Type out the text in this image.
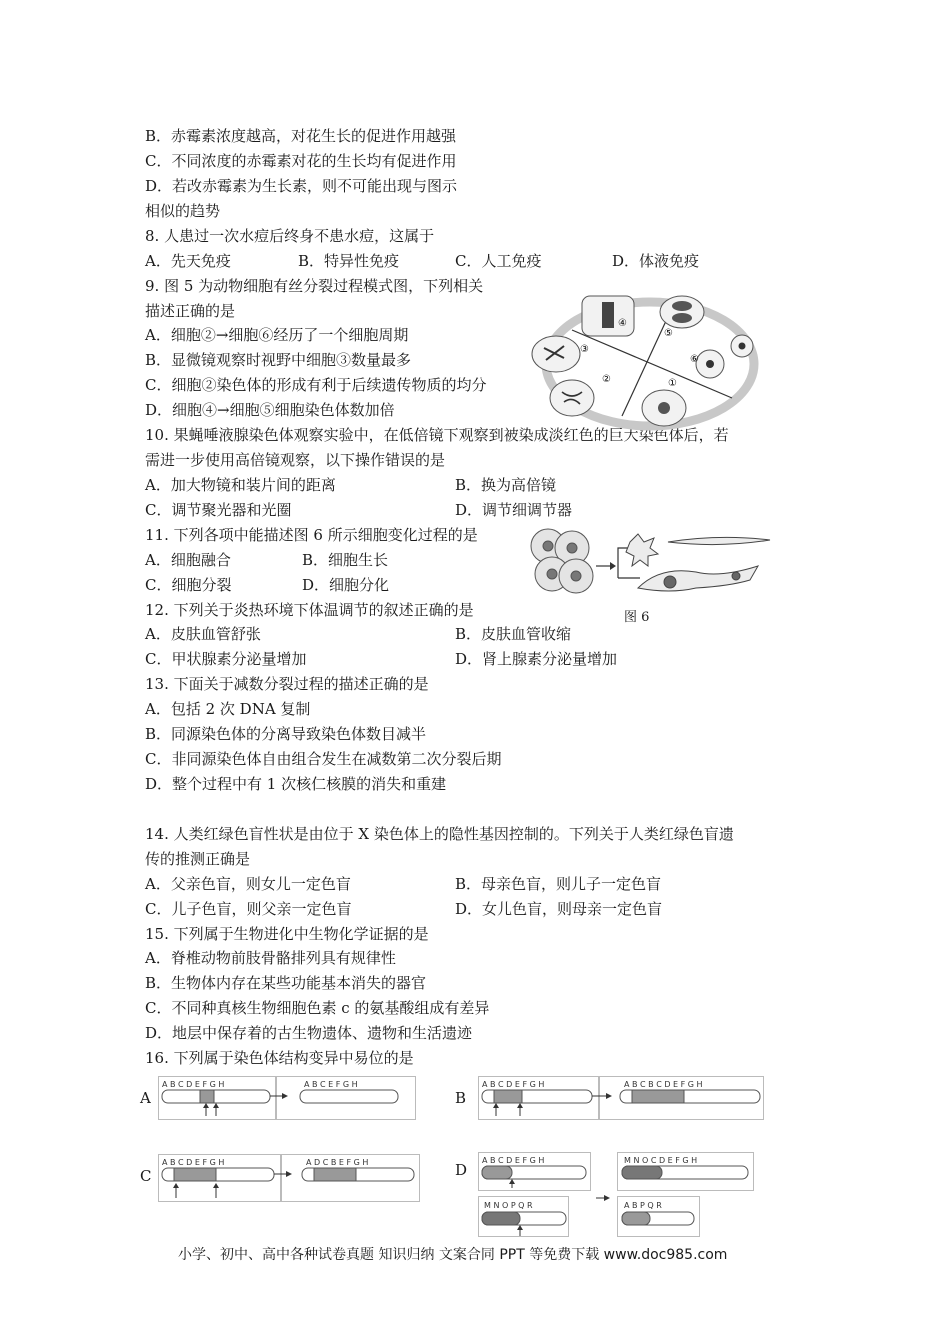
B．赤霉素浓度越高，对花生长的促进作用越强
C．不同浓度的赤霉素对花的生长均有促进作用
D．若改赤霉素为生长素，则不可能出现与图示
相似的趋势
8. 人患过一次水痘后终身不患水痘，这属于
A．先天免疫	B．特异性免疫	C．人工免疫	D．体液免疫
9. 图 5 为动物细胞有丝分裂过程模式图，下列相关
描述正确的是
A．细胞②→细胞⑥经历了一个细胞周期
B．显微镜观察时视野中细胞③数量最多
C．细胞②染色体的形成有利于后续遗传物质的均分
D．细胞④→细胞⑤细胞染色体数加倍
10. 果蝇唾液腺染色体观察实验中，在低倍镜下观察到被染成淡红色的巨大染色体后，若
需进一步使用高倍镜观察，以下操作错误的是
A．加大物镜和装片间的距离	B．换为高倍镜
C．调节聚光器和光圈	D．调节细调节器
11. 下列各项中能描述图 6 所示细胞变化过程的是
A．细胞融合	B．细胞生长
C．细胞分裂	D．细胞分化
12. 下列关于炎热环境下体温调节的叙述正确的是
A．皮肤血管舒张	B．皮肤血管收缩
C．甲状腺素分泌量增加	D．肾上腺素分泌量增加
13. 下面关于减数分裂过程的描述正确的是
A．包括 2 次 DNA 复制
B．同源染色体的分离导致染色体数目减半
C．非同源染色体自由组合发生在减数第二次分裂后期
D．整个过程中有 1 次核仁核膜的消失和重建
14. 人类红绿色盲性状是由位于 X 染色体上的隐性基因控制的。下列关于人类红绿色盲遗
传的推测正确是
A．父亲色盲，则女儿一定色盲	B．母亲色盲，则儿子一定色盲
C．儿子色盲，则父亲一定色盲	D．女儿色盲，则母亲一定色盲
15. 下列属于生物进化中生物化学证据的是
A．脊椎动物前肢骨骼排列具有规律性
B．生物体内存在某些功能基本消失的器官
C．不同种真核生物细胞色素 c 的氨基酸组成有差异
D．地层中保存着的古生物遗体、遗物和生活遗迹
16. 下列属于染色体结构变异中易位的是
④
⑤
③
⑥
②	①
图 6
A	B
C	D
A B C D E F G H	A B C E F G H	A B C D E F G H	A B C B C D E F G H
A B C D E F G H	A D C B E F G H	A B C D E F G H	M N O C D E F G H
M N O P Q R	A B P Q R
小学、初中、高中各种试卷真题 知识归纳 文案合同 PPT 等免费下载 www.doc985.com
